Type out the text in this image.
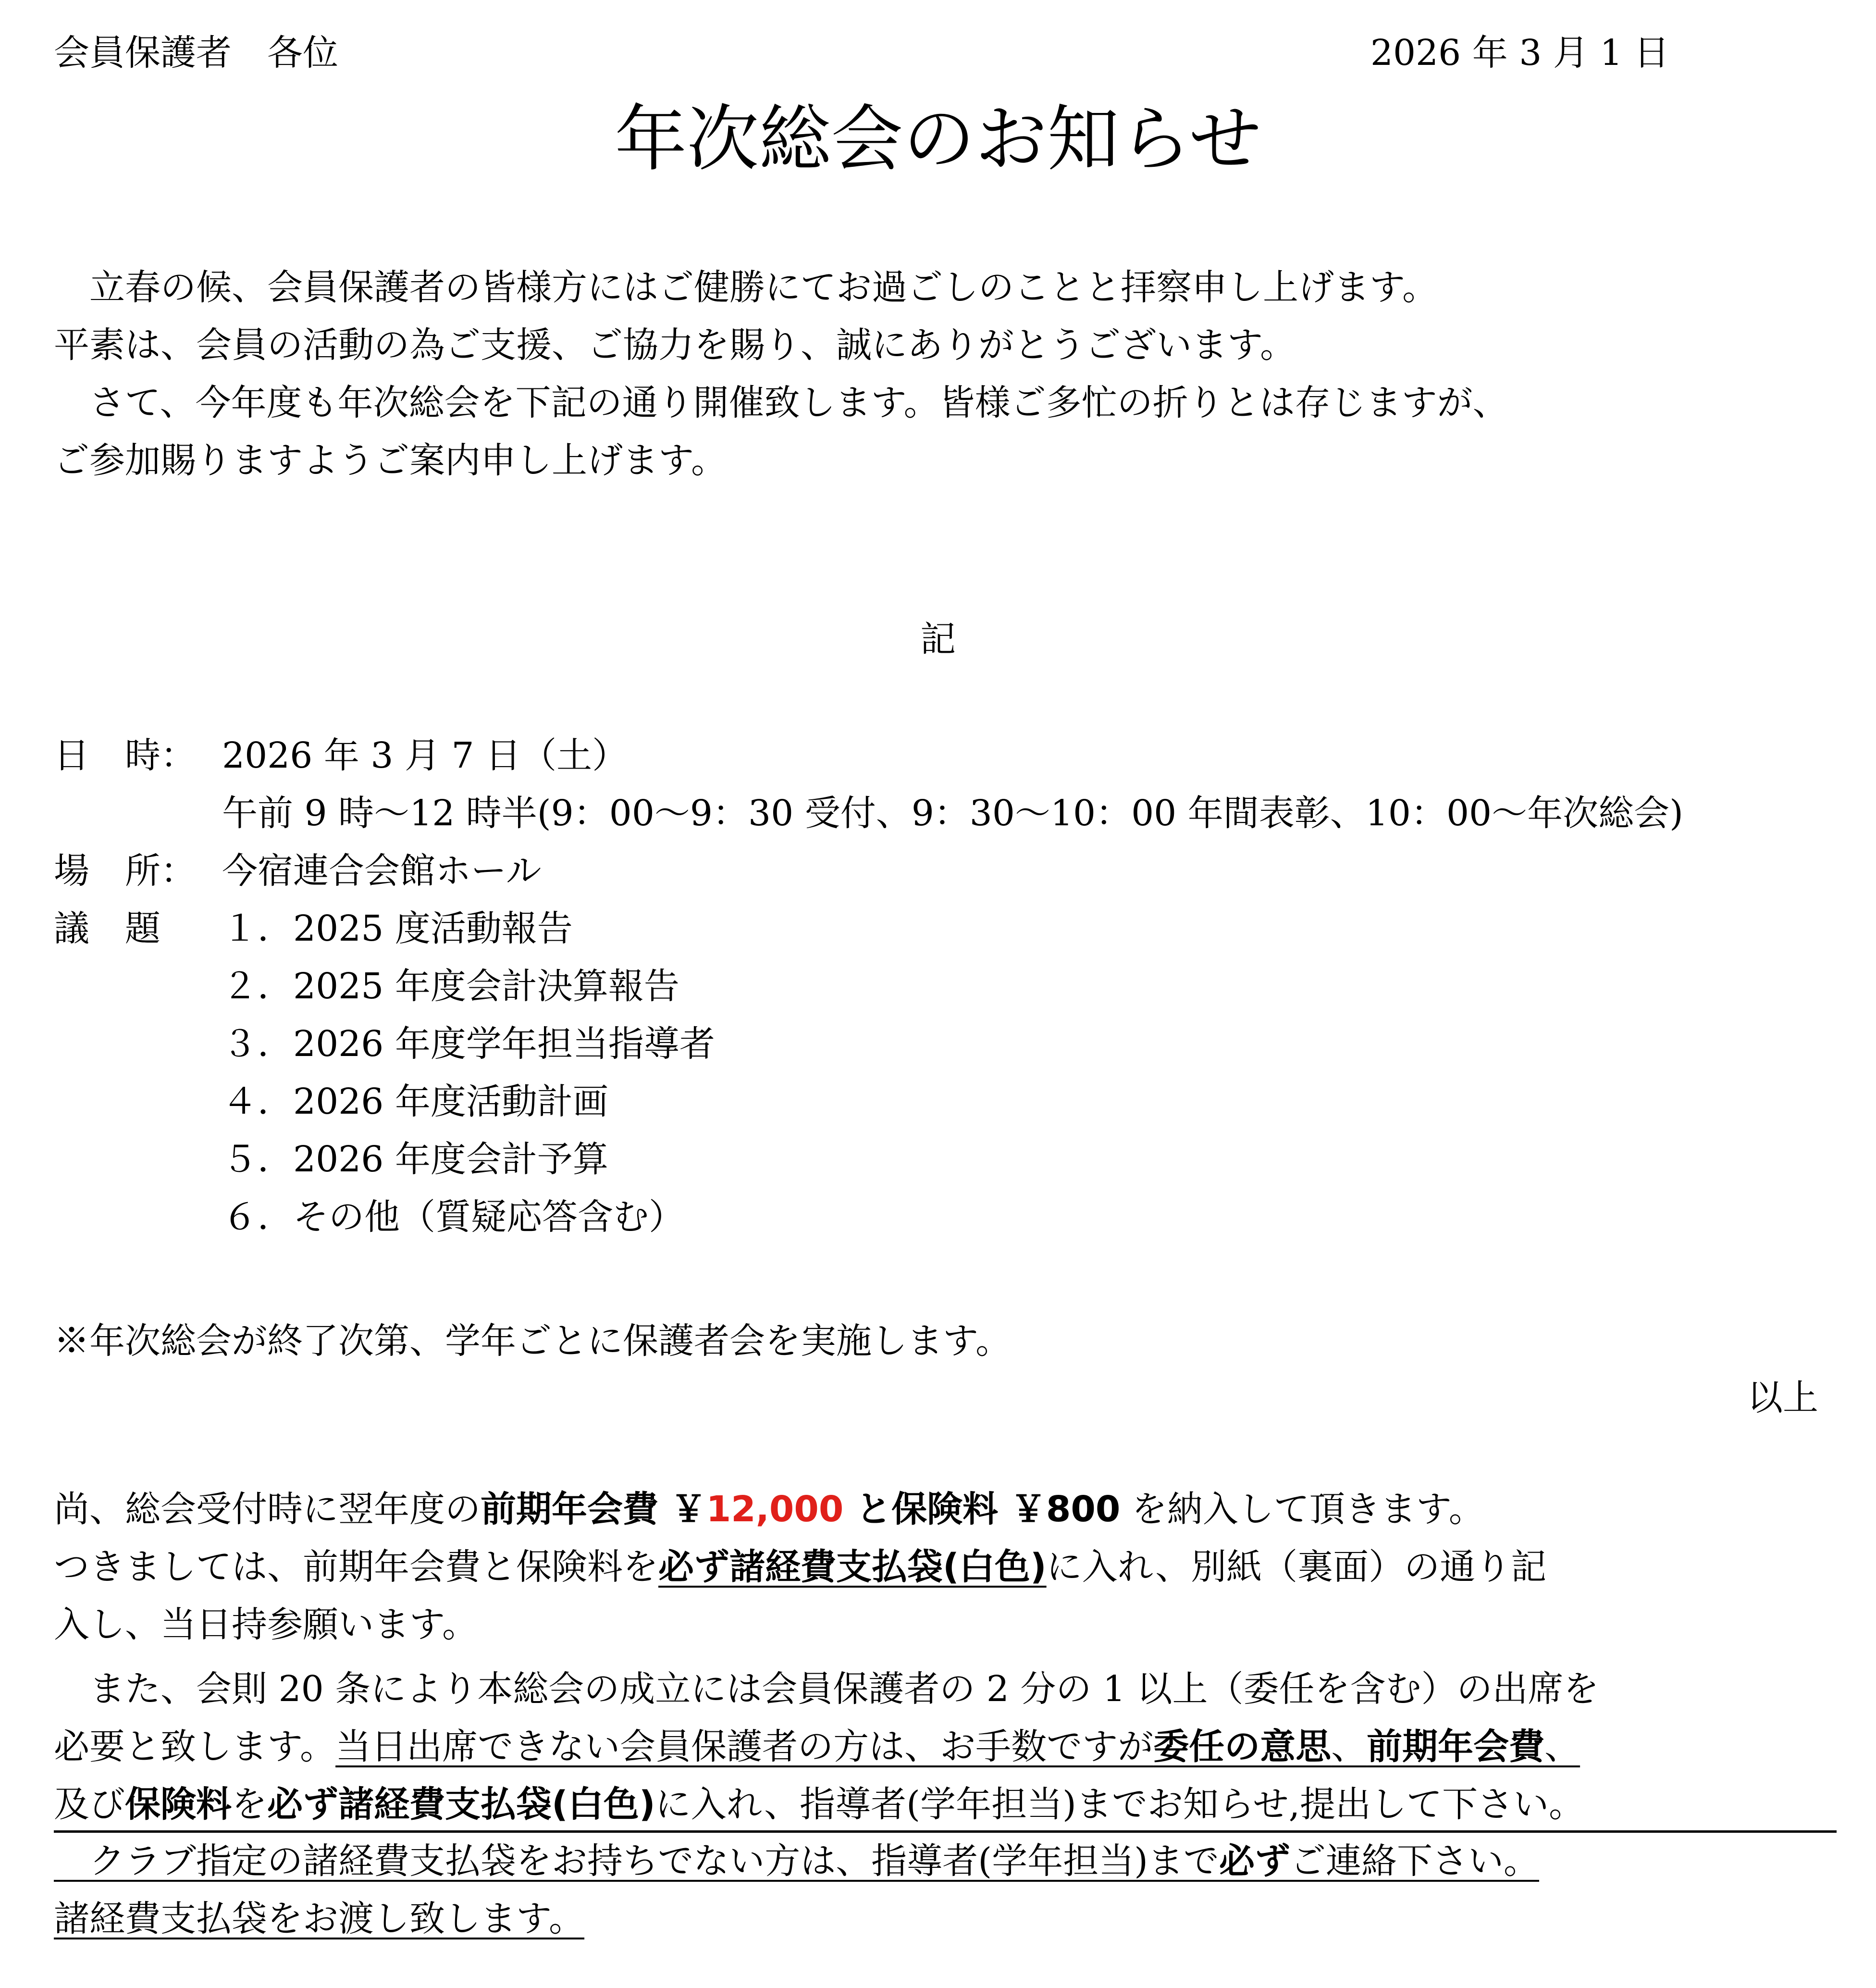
会員保護者　各位	2026 年 3 月 1 日
年次総会のお知らせ
　立春の候、会員保護者の皆様方にはご健勝にてお過ごしのことと拝察申し上げます。
平素は、会員の活動の為ご支援、ご協力を賜り、誠にありがとうございます。
　さて、今年度も年次総会を下記の通り開催致します。皆様ご多忙の折りとは存じますが、
ご参加賜りますようご案内申し上げます。
記
日　時： 2026 年 3 月 7 日（土）
午前 9 時～12 時半(9：00～9：30 受付、9：30～10：00 年間表彰、10：00～年次総会)
場　所： 今宿連合会館ホール
議　題 １．2025 度活動報告
２．2025 年度会計決算報告
３．2026 年度学年担当指導者
４．2026 年度活動計画
５．2026 年度会計予算
６．その他（質疑応答含む）
※年次総会が終了次第、学年ごとに保護者会を実施します。
以上
尚、総会受付時に翌年度の前期年会費 ￥12,000 と保険料 ￥800 を納入して頂きます。
つきましては、前期年会費と保険料を必ず諸経費支払袋(白色)に入れ、別紙（裏面）の通り記
入し、当日持参願います。
　また、会則 20 条により本総会の成立には会員保護者の 2 分の 1 以上（委任を含む）の出席を
必要と致します。当日出席できない会員保護者の方は、お手数ですが委任の意思、前期年会費、
及び保険料を必ず諸経費支払袋(白色)に入れ、指導者(学年担当)までお知らせ,提出して下さい。
　クラブ指定の諸経費支払袋をお持ちでない方は、指導者(学年担当)まで必ずご連絡下さい。
諸経費支払袋をお渡し致します。
